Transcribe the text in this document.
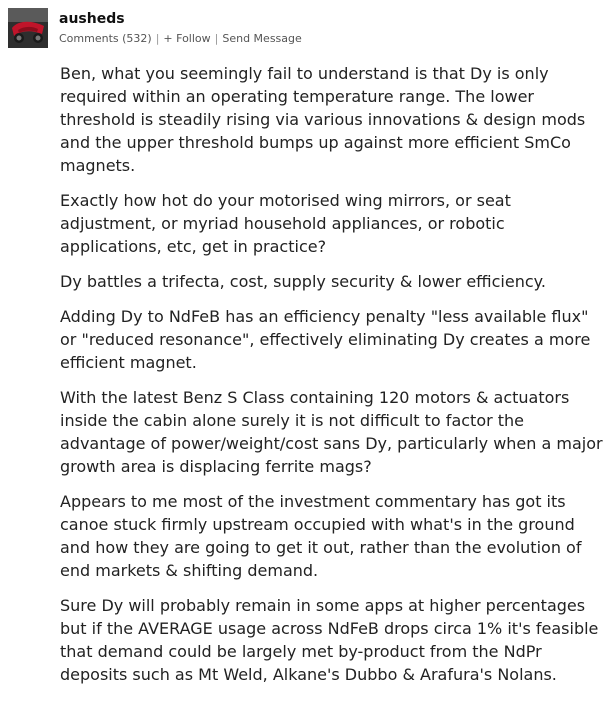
ausheds
Comments (532) | + Follow | Send Message

Ben, what you seemingly fail to understand is that Dy is only required within an operating temperature range. The lower threshold is steadily rising via various innovations & design mods and the upper threshold bumps up against more efficient SmCo magnets.

Exactly how hot do your motorised wing mirrors, or seat adjustment, or myriad household appliances, or robotic applications, etc, get in practice?

Dy battles a trifecta, cost, supply security & lower efficiency.

Adding Dy to NdFeB has an efficiency penalty "less available flux" or "reduced resonance", effectively eliminating Dy creates a more efficient magnet.

With the latest Benz S Class containing 120 motors & actuators inside the cabin alone surely it is not difficult to factor the advantage of power/weight/cost sans Dy, particularly when a major growth area is displacing ferrite mags?

Appears to me most of the investment commentary has got its canoe stuck firmly upstream occupied with what's in the ground and how they are going to get it out, rather than the evolution of end markets & shifting demand.

Sure Dy will probably remain in some apps at higher percentages but if the AVERAGE usage across NdFeB drops circa 1% it's feasible that demand could be largely met by-product from the NdPr deposits such as Mt Weld, Alkane's Dubbo & Arafura's Nolans.
